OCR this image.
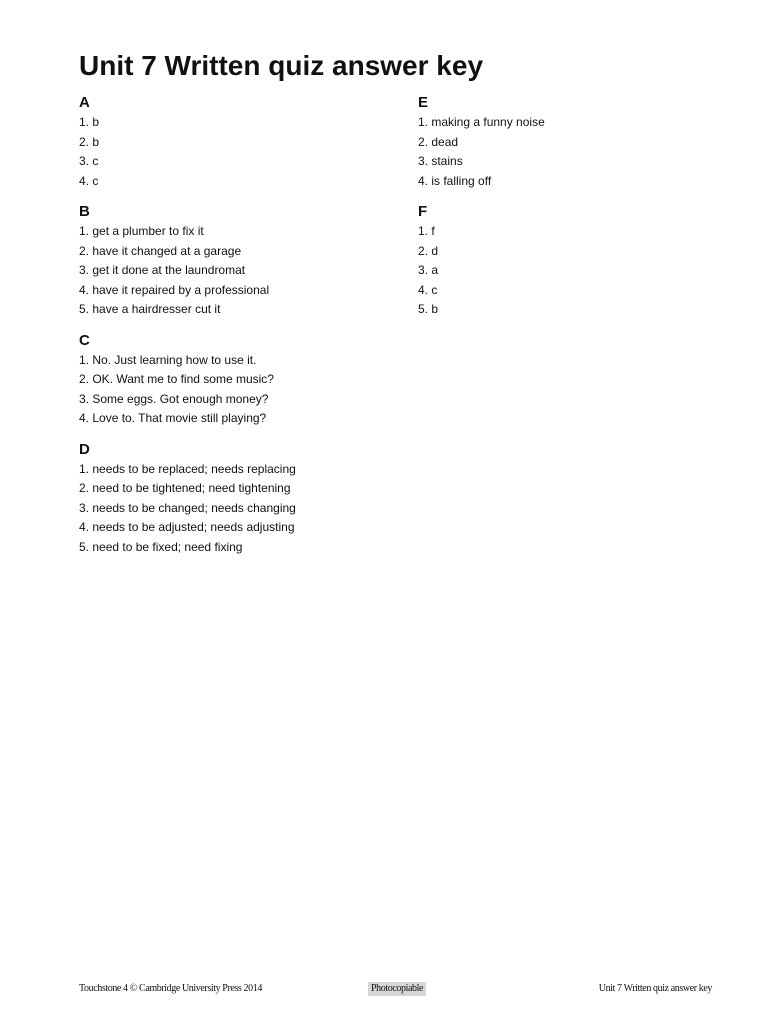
Unit 7 Written quiz answer key
A
1. b
2. b
3. c
4. c
B
1. get a plumber to fix it
2. have it changed at a garage
3. get it done at the laundromat
4. have it repaired by a professional
5. have a hairdresser cut it
C
1. No. Just learning how to use it.
2. OK. Want me to find some music?
3. Some eggs. Got enough money?
4. Love to. That movie still playing?
D
1. needs to be replaced; needs replacing
2. need to be tightened; need tightening
3. needs to be changed; needs changing
4. needs to be adjusted; needs adjusting
5. need to be fixed; need fixing
E
1. making a funny noise
2. dead
3. stains
4. is falling off
F
1. f
2. d
3. a
4. c
5. b
Touchstone 4 © Cambridge University Press 2014	Photocopiable	Unit 7 Written quiz answer key
